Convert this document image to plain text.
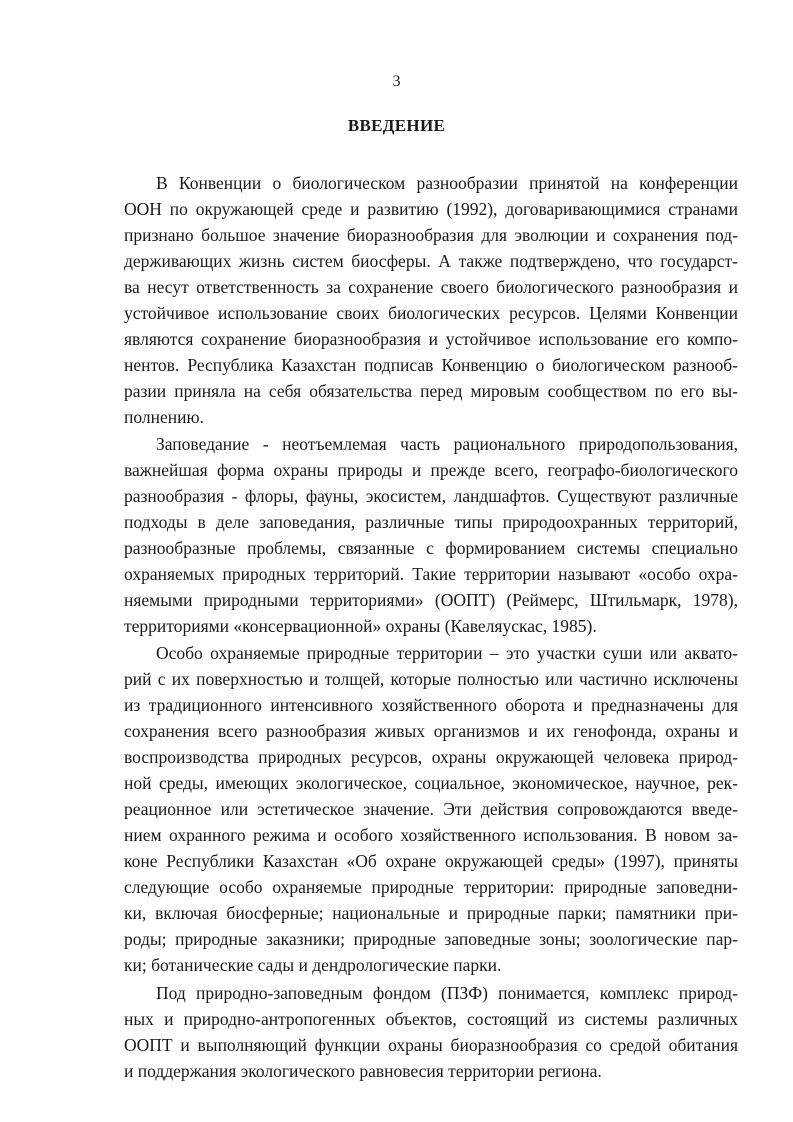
3
ВВЕДЕНИЕ
В Конвенции о биологическом разнообразии принятой на конференции
ООН по окружающей среде и развитию (1992), договаривающимися странами
признано большое значение биоразнообразия для эволюции и сохранения под-
держивающих жизнь систем биосферы. А также подтверждено, что государст-
ва несут ответственность за сохранение своего биологического разнообразия и
устойчивое использование своих биологических ресурсов. Целями Конвенции
являются сохранение биоразнообразия и устойчивое использование его компо-
нентов. Республика Казахстан подписав Конвенцию о биологическом разнооб-
разии приняла на себя обязательства перед мировым сообществом по его вы-
полнению.
Заповедание - неотъемлемая часть рационального природопользования,
важнейшая форма охраны природы и прежде всего, географо-биологического
разнообразия - флоры, фауны, экосистем, ландшафтов. Существуют различные
подходы в деле заповедания, различные типы природоохранных территорий,
разнообразные проблемы, связанные с формированием системы специально
охраняемых природных территорий. Такие территории называют «особо охра-
няемыми природными территориями» (ООПТ) (Реймерс, Штильмарк, 1978),
территориями «консервационной» охраны (Кавеляускас, 1985).
Особо охраняемые природные территории – это участки суши или аквато-
рий с их поверхностью и толщей, которые полностью или частично исключены
из традиционного интенсивного хозяйственного оборота и предназначены для
сохранения всего разнообразия живых организмов и их генофонда, охраны и
воспроизводства природных ресурсов, охраны окружающей человека природ-
ной среды, имеющих экологическое, социальное, экономическое, научное, рек-
реационное или эстетическое значение. Эти действия сопровождаются введе-
нием охранного режима и особого хозяйственного использования. В новом за-
коне Республики Казахстан «Об охране окружающей среды» (1997), приняты
следующие особо охраняемые природные территории: природные заповедни-
ки, включая биосферные; национальные и природные парки; памятники при-
роды; природные заказники; природные заповедные зоны; зоологические пар-
ки; ботанические сады и дендрологические парки.
Под природно-заповедным фондом (ПЗФ) понимается, комплекс природ-
ных и природно-антропогенных объектов, состоящий из системы различных
ООПТ и выполняющий функции охраны биоразнообразия со средой обитания
и поддержания экологического равновесия территории региона.
